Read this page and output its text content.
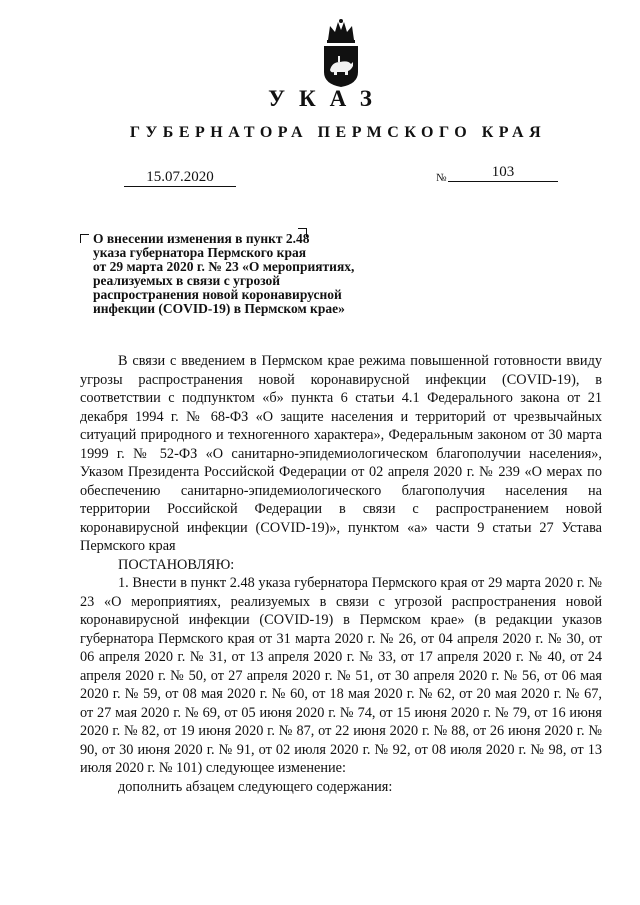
УКАЗ
ГУБЕРНАТОРА ПЕРМСКОГО КРАЯ
15.07.2020	№	103
О внесении изменения в пункт 2.48
указа губернатора Пермского края
от 29 марта 2020 г. № 23 «О мероприятиях,
реализуемых в связи с угрозой
распространения новой коронавирусной
инфекции (COVID-19) в Пермском крае»

В связи с введением в Пермском крае режима повышенной готовности ввиду угрозы распространения новой коронавирусной инфекции (COVID-19), в соответствии с подпунктом «б» пункта 6 статьи 4.1 Федерального закона от 21 декабря 1994 г. № 68-ФЗ «О защите населения и территорий от чрезвычайных ситуаций природного и техногенного характера», Федеральным законом от 30 марта 1999 г. № 52-ФЗ «О санитарно-эпидемиологическом благополучии населения», Указом Президента Российской Федерации от 02 апреля 2020 г. № 239 «О мерах по обеспечению санитарно-эпидемиологического благополучия населения на территории Российской Федерации в связи с распространением новой коронавирусной инфекции (COVID-19)», пунктом «а» части 9 статьи 27 Устава Пермского края

ПОСТАНОВЛЯЮ:

1. Внести в пункт 2.48 указа губернатора Пермского края от 29 марта 2020 г. № 23 «О мероприятиях, реализуемых в связи с угрозой распространения новой коронавирусной инфекции (COVID-19) в Пермском крае» (в редакции указов губернатора Пермского края от 31 марта 2020 г. № 26, от 04 апреля 2020 г. № 30, от 06 апреля 2020 г. № 31, от 13 апреля 2020 г. № 33, от 17 апреля 2020 г. № 40, от 24 апреля 2020 г. № 50, от 27 апреля 2020 г. № 51, от 30 апреля 2020 г. № 56, от 06 мая 2020 г. № 59, от 08 мая 2020 г. № 60, от 18 мая 2020 г. № 62, от 20 мая 2020 г. № 67, от 27 мая 2020 г. № 69, от 05 июня 2020 г. № 74, от 15 июня 2020 г. № 79, от 16 июня 2020 г. № 82, от 19 июня 2020 г. № 87, от 22 июня 2020 г. № 88, от 26 июня 2020 г. № 90, от 30 июня 2020 г. № 91, от 02 июля 2020 г. № 92, от 08 июля 2020 г. № 98, от 13 июля 2020 г. № 101) следующее изменение:

дополнить абзацем следующего содержания:
